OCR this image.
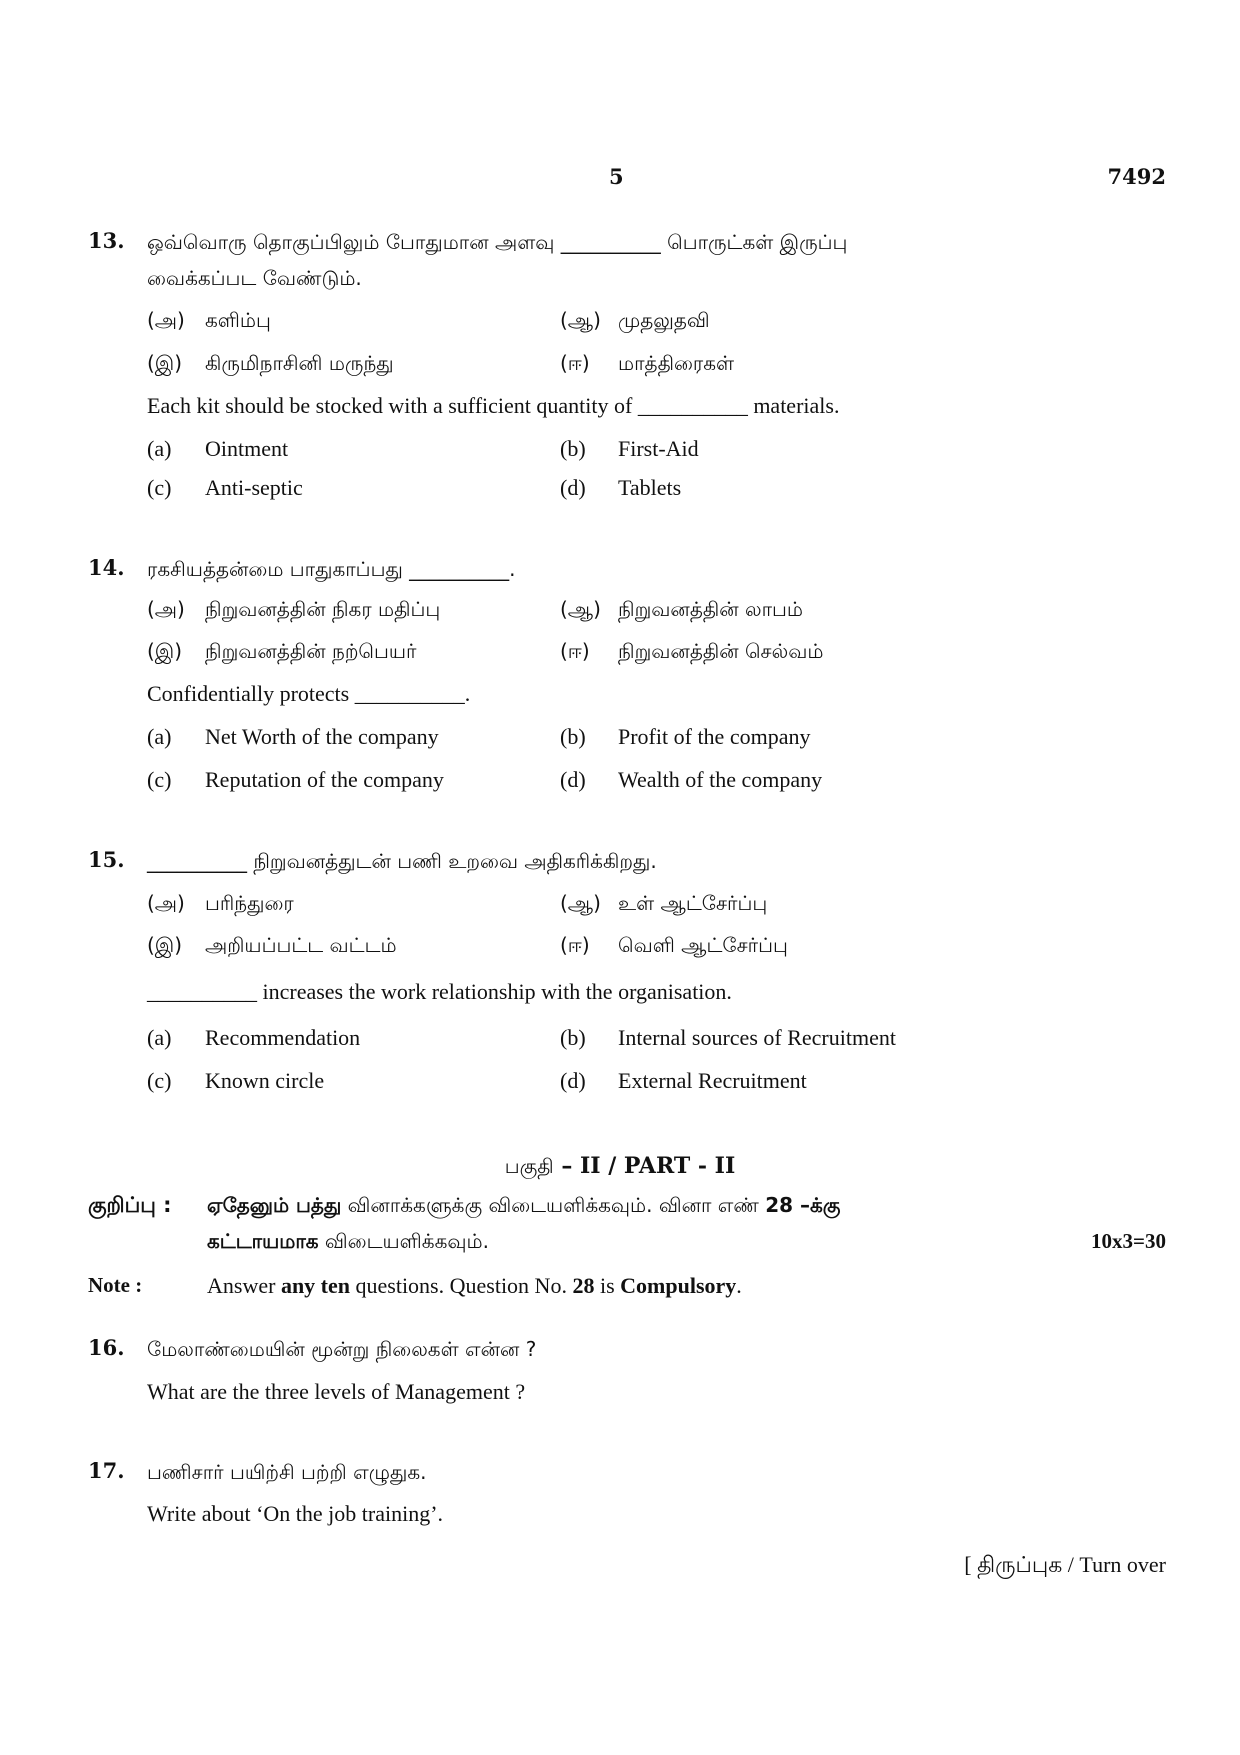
5	7492
13. ஒவ்வொரு தொகுப்பிலும் போதுமான அளவு __________ பொருட்கள் இருப்பு
வைக்கப்பட வேண்டும்.
(அ) களிம்பு	(ஆ) முதலுதவி
(இ) கிருமிநாசினி மருந்து	(ஈ) மாத்திரைகள்
Each kit should be stocked with a sufficient quantity of __________ materials.
(a) Ointment	(b) First-Aid
(c) Anti-septic	(d) Tablets
14. ரகசியத்தன்மை பாதுகாப்பது __________.
(அ) நிறுவனத்தின் நிகர மதிப்பு	(ஆ) நிறுவனத்தின் லாபம்
(இ) நிறுவனத்தின் நற்பெயர்	(ஈ) நிறுவனத்தின் செல்வம்
Confidentially protects __________.
(a) Net Worth of the company	(b) Profit of the company
(c) Reputation of the company	(d) Wealth of the company
15. __________ நிறுவனத்துடன் பணி உறவை அதிகரிக்கிறது.
(அ) பரிந்துரை	(ஆ) உள் ஆட்சேர்ப்பு
(இ) அறியப்பட்ட வட்டம்	(ஈ) வெளி ஆட்சேர்ப்பு
__________ increases the work relationship with the organisation.
(a) Recommendation	(b) Internal sources of Recruitment
(c) Known circle	(d) External Recruitment
பகுதி – II / PART - II
குறிப்பு : ஏதேனும் பத்து வினாக்களுக்கு விடையளிக்கவும். வினா எண் 28 –க்கு
கட்டாயமாக விடையளிக்கவும்.	10x3=30
Note :	Answer any ten questions. Question No. 28 is Compulsory.
16. மேலாண்மையின் மூன்று நிலைகள் என்ன ?
What are the three levels of Management ?
17. பணிசார் பயிற்சி பற்றி எழுதுக.
Write about ‘On the job training’.
[ திருப்புக / Turn over
